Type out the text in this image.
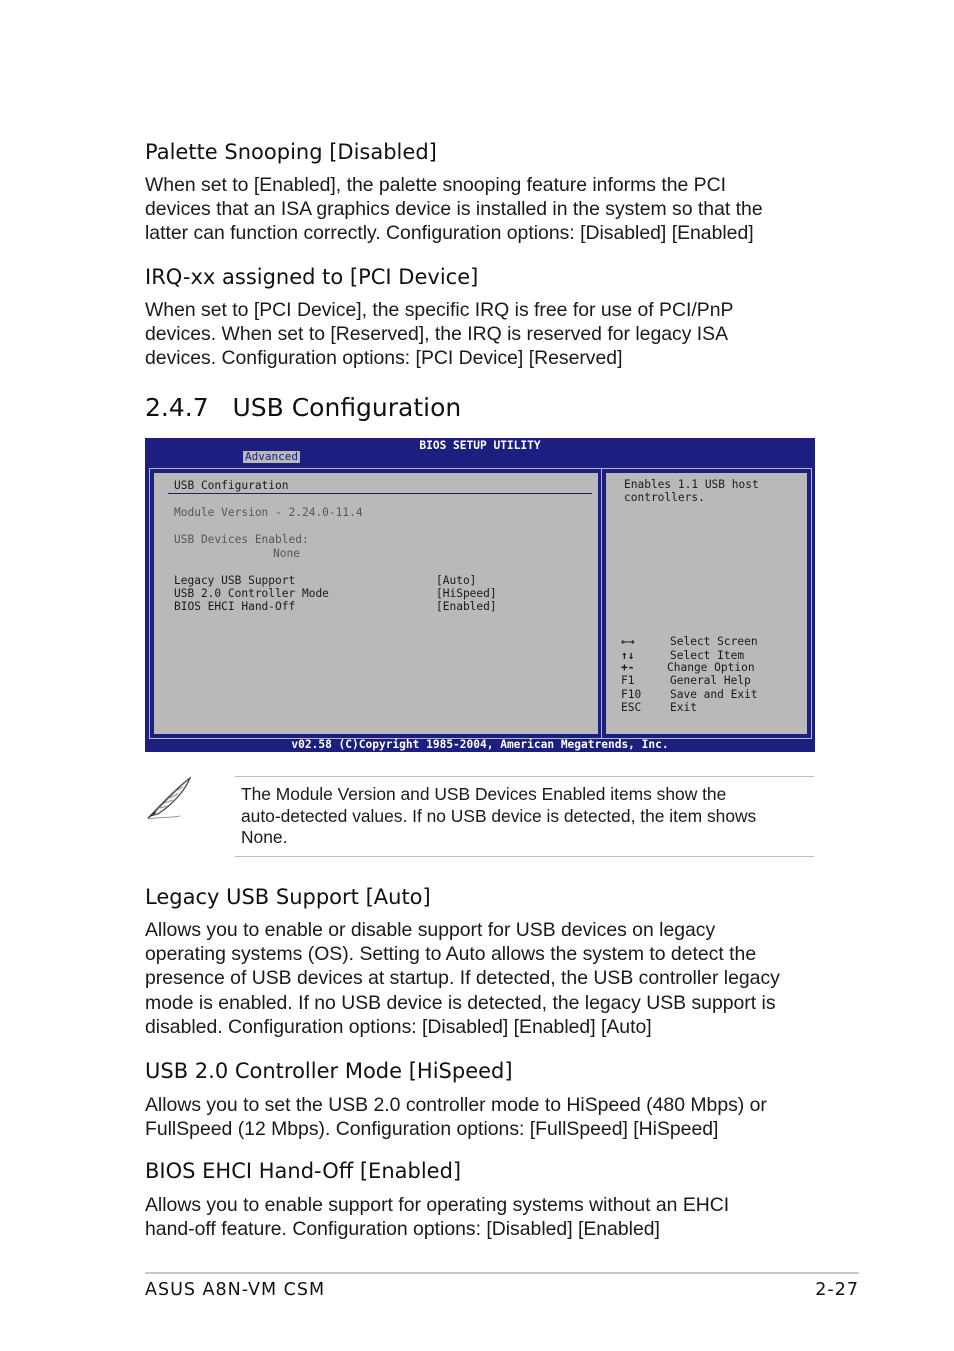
Palette Snooping [Disabled]
When set to [Enabled], the palette snooping feature informs the PCI
devices that an ISA graphics device is installed in the system so that the
latter can function correctly. Configuration options: [Disabled] [Enabled]
IRQ-xx assigned to [PCI Device]
When set to [PCI Device], the specific IRQ is free for use of PCI/PnP
devices. When set to [Reserved], the IRQ is reserved for legacy ISA
devices. Configuration options: [PCI Device] [Reserved]
2.4.7   USB Configuration
BIOS SETUP UTILITY
Advanced
USB Configuration
Module Version - 2.24.0-11.4
USB Devices Enabled:
None
Legacy USB Support	[Auto]
USB 2.0 Controller Mode	[HiSpeed]
BIOS EHCI Hand-Off	[Enabled]
Enables 1.1 USB host
controllers.
←→	Select Screen
↑↓	Select Item
+-	Change Option
F1	General Help
F10	Save and Exit
ESC	Exit
v02.58 (C)Copyright 1985-2004, American Megatrends, Inc.
The Module Version and USB Devices Enabled items show the
auto-detected values. If no USB device is detected, the item shows
None.
Legacy USB Support [Auto]
Allows you to enable or disable support for USB devices on legacy
operating systems (OS). Setting to Auto allows the system to detect the
presence of USB devices at startup. If detected, the USB controller legacy
mode is enabled. If no USB device is detected, the legacy USB support is
disabled. Configuration options: [Disabled] [Enabled] [Auto]
USB 2.0 Controller Mode [HiSpeed]
Allows you to set the USB 2.0 controller mode to HiSpeed (480 Mbps) or
FullSpeed (12 Mbps). Configuration options: [FullSpeed] [HiSpeed]
BIOS EHCI Hand-Off [Enabled]
Allows you to enable support for operating systems without an EHCI
hand-off feature. Configuration options: [Disabled] [Enabled]

ASUS A8N-VM CSM	2-27
